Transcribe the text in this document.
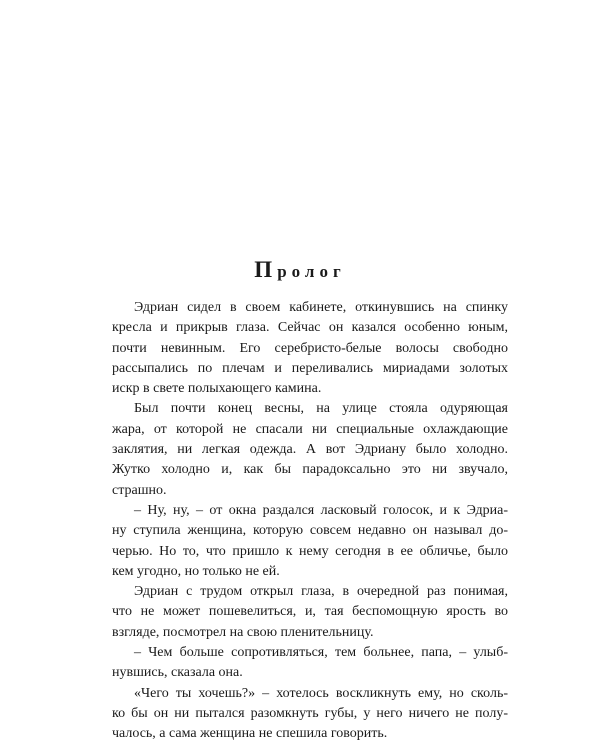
Пролог
Эдриан сидел в своем кабинете, откинувшись на спинку
кресла и прикрыв глаза. Сейчас он казался особенно юным,
почти невинным. Его серебристо-белые волосы свободно
рассыпались по плечам и переливались мириадами золотых
искр в свете полыхающего камина.
Был почти конец весны, на улице стояла одуряющая
жара, от которой не спасали ни специальные охлаждающие
заклятия, ни легкая одежда. А вот Эдриану было холодно.
Жутко холодно и, как бы парадоксально это ни звучало,
страшно.
– Ну, ну, – от окна раздался ласковый голосок, и к Эдриа-
ну ступила женщина, которую совсем недавно он называл до-
черью. Но то, что пришло к нему сегодня в ее обличье, было
кем угодно, но только не ей.
Эдриан с трудом открыл глаза, в очередной раз понимая,
что не может пошевелиться, и, тая беспомощную ярость во
взгляде, посмотрел на свою пленительницу.
– Чем больше сопротивляться, тем больнее, папа, – улыб-
нувшись, сказала она.
«Чего ты хочешь?» – хотелось воскликнуть ему, но сколь-
ко бы он ни пытался разомкнуть губы, у него ничего не полу-
чалось, а сама женщина не спешила говорить.
